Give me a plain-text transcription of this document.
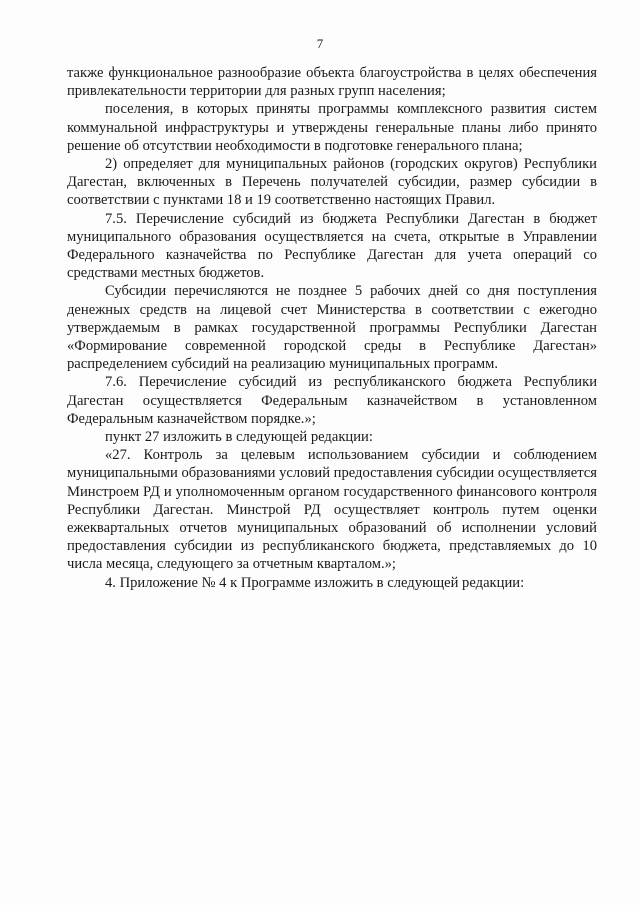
7

также функциональное разнообразие объекта благоустройства в целях обеспечения привлекательности территории для разных групп населения;

поселения, в которых приняты программы комплексного развития систем коммунальной инфраструктуры и утверждены генеральные планы либо принято решение об отсутствии необходимости в подготовке генерального плана;

2) определяет для муниципальных районов (городских округов) Республики Дагестан, включенных в Перечень получателей субсидии, размер субсидии в соответствии с пунктами 18 и 19 соответственно настоящих Правил.

7.5. Перечисление субсидий из бюджета Республики Дагестан в бюджет муниципального образования осуществляется на счета, открытые в Управлении Федерального казначейства по Республике Дагестан для учета операций со средствами местных бюджетов.

Субсидии перечисляются не позднее 5 рабочих дней со дня поступления денежных средств на лицевой счет Министерства в соответствии с ежегодно утверждаемым в рамках государственной программы Республики Дагестан «Формирование современной городской среды в Республике Дагестан» распределением субсидий на реализацию муниципальных программ.

7.6. Перечисление субсидий из республиканского бюджета Республики Дагестан осуществляется Федеральным казначейством в установленном Федеральным казначейством порядке.»;

пункт 27 изложить в следующей редакции:

«27. Контроль за целевым использованием субсидии и соблюдением муниципальными образованиями условий предоставления субсидии осуществляется Минстроем РД и уполномоченным органом государственного финансового контроля Республики Дагестан. Минстрой РД осуществляет контроль путем оценки ежеквартальных отчетов муниципальных образований об исполнении условий предоставления субсидии из республиканского бюджета, представляемых до 10 числа месяца, следующего за отчетным кварталом.»;

4. Приложение № 4 к Программе изложить в следующей редакции:
